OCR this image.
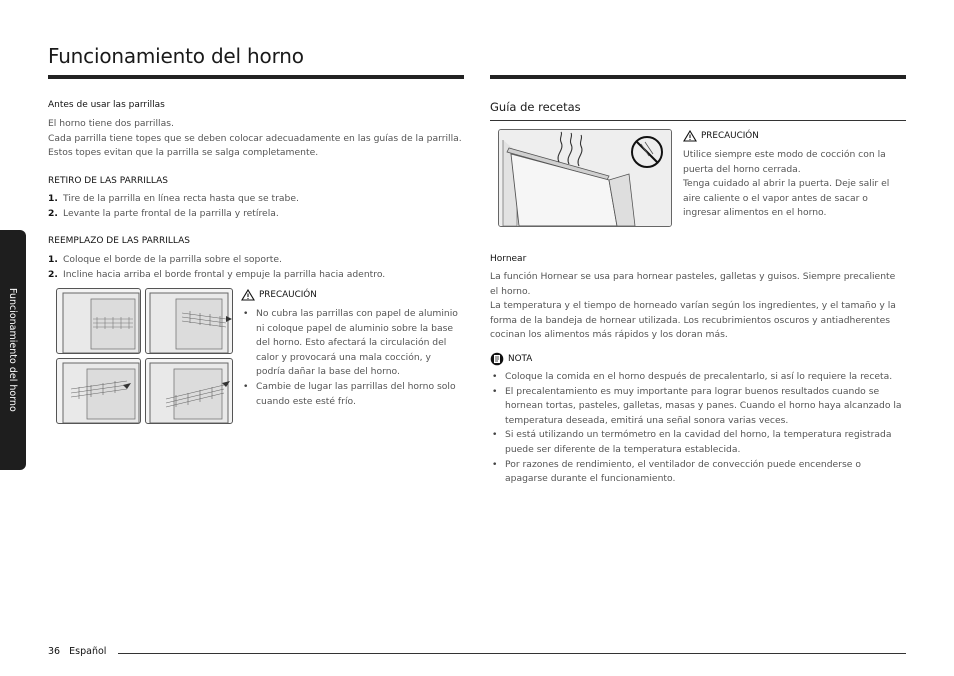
Funcionamiento del horno
Funcionamiento del horno
Antes de usar las parrillas
El horno tiene dos parrillas.
Cada parrilla tiene topes que se deben colocar adecuadamente en las guías de la parrilla.
Estos topes evitan que la parrilla se salga completamente.
RETIRO DE LAS PARRILLAS
1. Tire de la parrilla en línea recta hasta que se trabe.
2. Levante la parte frontal de la parrilla y retírela.
REEMPLAZO DE LAS PARRILLAS
1. Coloque el borde de la parrilla sobre el soporte.
2. Incline hacia arriba el borde frontal y empuje la parrilla hacia adentro.
PRECAUCIÓN
• No cubra las parrillas con papel de aluminio ni coloque papel de aluminio sobre la base del horno. Esto afectará la circulación del calor y provocará una mala cocción, y podría dañar la base del horno.
• Cambie de lugar las parrillas del horno solo cuando este esté frío.
Guía de recetas
PRECAUCIÓN
Utilice siempre este modo de cocción con la puerta del horno cerrada.
Tenga cuidado al abrir la puerta. Deje salir el aire caliente o el vapor antes de sacar o ingresar alimentos en el horno.
Hornear
La función Hornear se usa para hornear pasteles, galletas y guisos. Siempre precaliente el horno.
La temperatura y el tiempo de horneado varían según los ingredientes, y el tamaño y la forma de la bandeja de hornear utilizada. Los recubrimientos oscuros y antiadherentes cocinan los alimentos más rápidos y los doran más.
NOTA
• Coloque la comida en el horno después de precalentarlo, si así lo requiere la receta.
• El precalentamiento es muy importante para lograr buenos resultados cuando se hornean tortas, pasteles, galletas, masas y panes. Cuando el horno haya alcanzado la temperatura deseada, emitirá una señal sonora varias veces.
• Si está utilizando un termómetro en la cavidad del horno, la temperatura registrada puede ser diferente de la temperatura establecida.
• Por razones de rendimiento, el ventilador de convección puede encenderse o apagarse durante el funcionamiento.
36 Español
